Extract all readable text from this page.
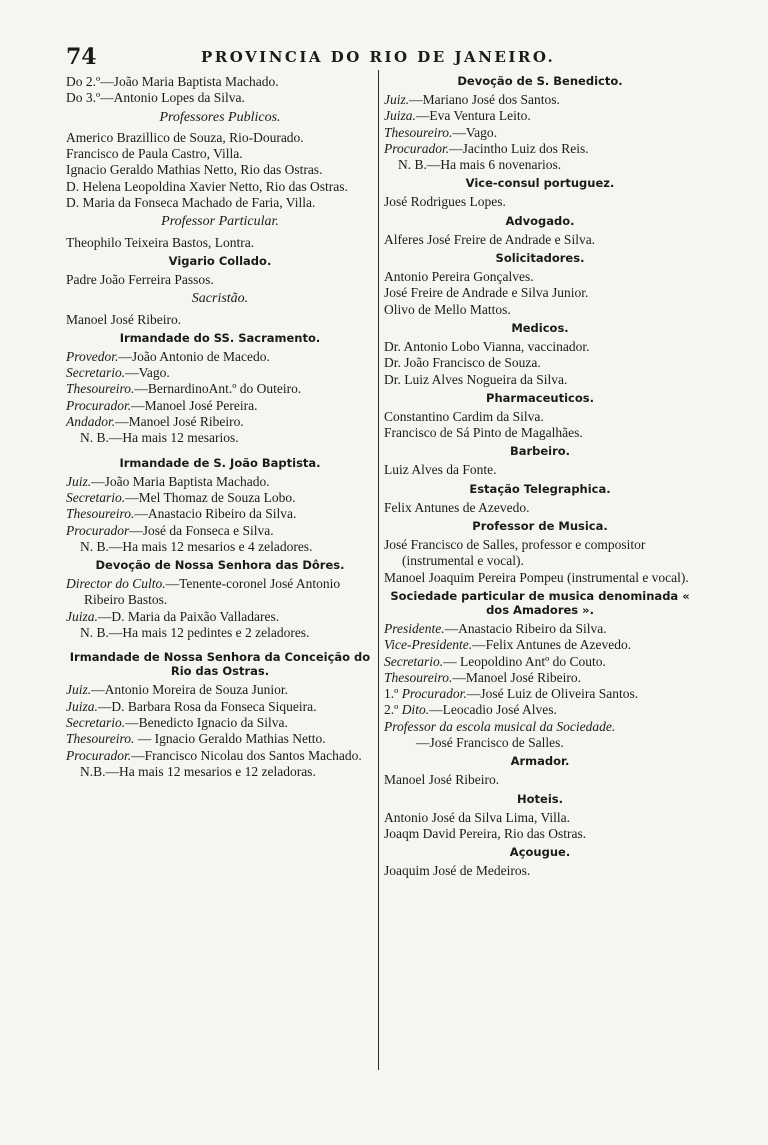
74	PROVINCIA DO RIO DE JANEIRO.
Do 2.º—João Maria Baptista Machado.
Do 3.º—Antonio Lopes da Silva.
Professores Publicos.
Americo Brazillico de Souza, Rio-Dourado.
Francisco de Paula Castro, Villa.
Ignacio Geraldo Mathias Netto, Rio das Ostras.
D. Helena Leopoldina Xavier Netto, Rio das Ostras.
D. Maria da Fonseca Machado de Faria, Villa.
Professor Particular.
Theophilo Teixeira Bastos, Lontra.
Vigario Collado.
Padre João Ferreira Passos.
Sacristão.
Manoel José Ribeiro.
Irmandade do SS. Sacramento.
Provedor.—João Antonio de Macedo.
Secretario.—Vago.
Thesoureiro.—BernardinoAnt.º do Outeiro.
Procurador.—Manoel José Pereira.
Andador.—Manoel José Ribeiro.
N. B.—Ha mais 12 mesarios.
Irmandade de S. João Baptista.
Juiz.—João Maria Baptista Machado.
Secretario.—Mel Thomaz de Souza Lobo.
Thesoureiro.—Anastacio Ribeiro da Silva.
Procurador—José da Fonseca e Silva.
N. B.—Ha mais 12 mesarios e 4 zeladores.
Devoção de Nossa Senhora das Dôres.
Director do Culto.—Tenente-coronel José Antonio Ribeiro Bastos.
Juiza.—D. Maria da Paixão Valladares.
N. B.—Ha mais 12 pedintes e 2 zeladores.
Irmandade de Nossa Senhora da Conceição do Rio das Ostras.
Juiz.—Antonio Moreira de Souza Junior.
Juiza.—D. Barbara Rosa da Fonseca Siqueira.
Secretario.—Benedicto Ignacio da Silva.
Thesoureiro. — Ignacio Geraldo Mathias Netto.
Procurador.—Francisco Nicolau dos Santos Machado.
N.B.—Ha mais 12 mesarios e 12 zeladoras.
Devoção de S. Benedicto.
Juiz.—Mariano José dos Santos.
Juiza.—Eva Ventura Leito.
Thesoureiro.—Vago.
Procurador.—Jacintho Luiz dos Reis.
N. B.—Ha mais 6 novenarios.
Vice-consul portuguez.
José Rodrigues Lopes.
Advogado.
Alferes José Freire de Andrade e Silva.
Solicitadores.
Antonio Pereira Gonçalves.
José Freire de Andrade e Silva Junior.
Olivo de Mello Mattos.
Medicos.
Dr. Antonio Lobo Vianna, vaccinador.
Dr. João Francisco de Souza.
Dr. Luiz Alves Nogueira da Silva.
Pharmaceuticos.
Constantino Cardim da Silva.
Francisco de Sá Pinto de Magalhães.
Barbeiro.
Luiz Alves da Fonte.
Estação Telegraphica.
Felix Antunes de Azevedo.
Professor de Musica.
José Francisco de Salles, professor e compositor (instrumental e vocal).
Manoel Joaquim Pereira Pompeu (instrumental e vocal).
Sociedade particular de musica denominada « dos Amadores ».
Presidente.—Anastacio Ribeiro da Silva.
Vice-Presidente.—Felix Antunes de Azevedo.
Secretario.— Leopoldino Antº do Couto.
Thesoureiro.—Manoel José Ribeiro.
1.º Procurador.—José Luiz de Oliveira Santos.
2.º Dito.—Leocadio José Alves.
Professor da escola musical da Sociedade.
—José Francisco de Salles.
Armador.
Manoel José Ribeiro.
Hoteis.
Antonio José da Silva Lima, Villa.
Joaqm David Pereira, Rio das Ostras.
Açougue.
Joaquim José de Medeiros.
